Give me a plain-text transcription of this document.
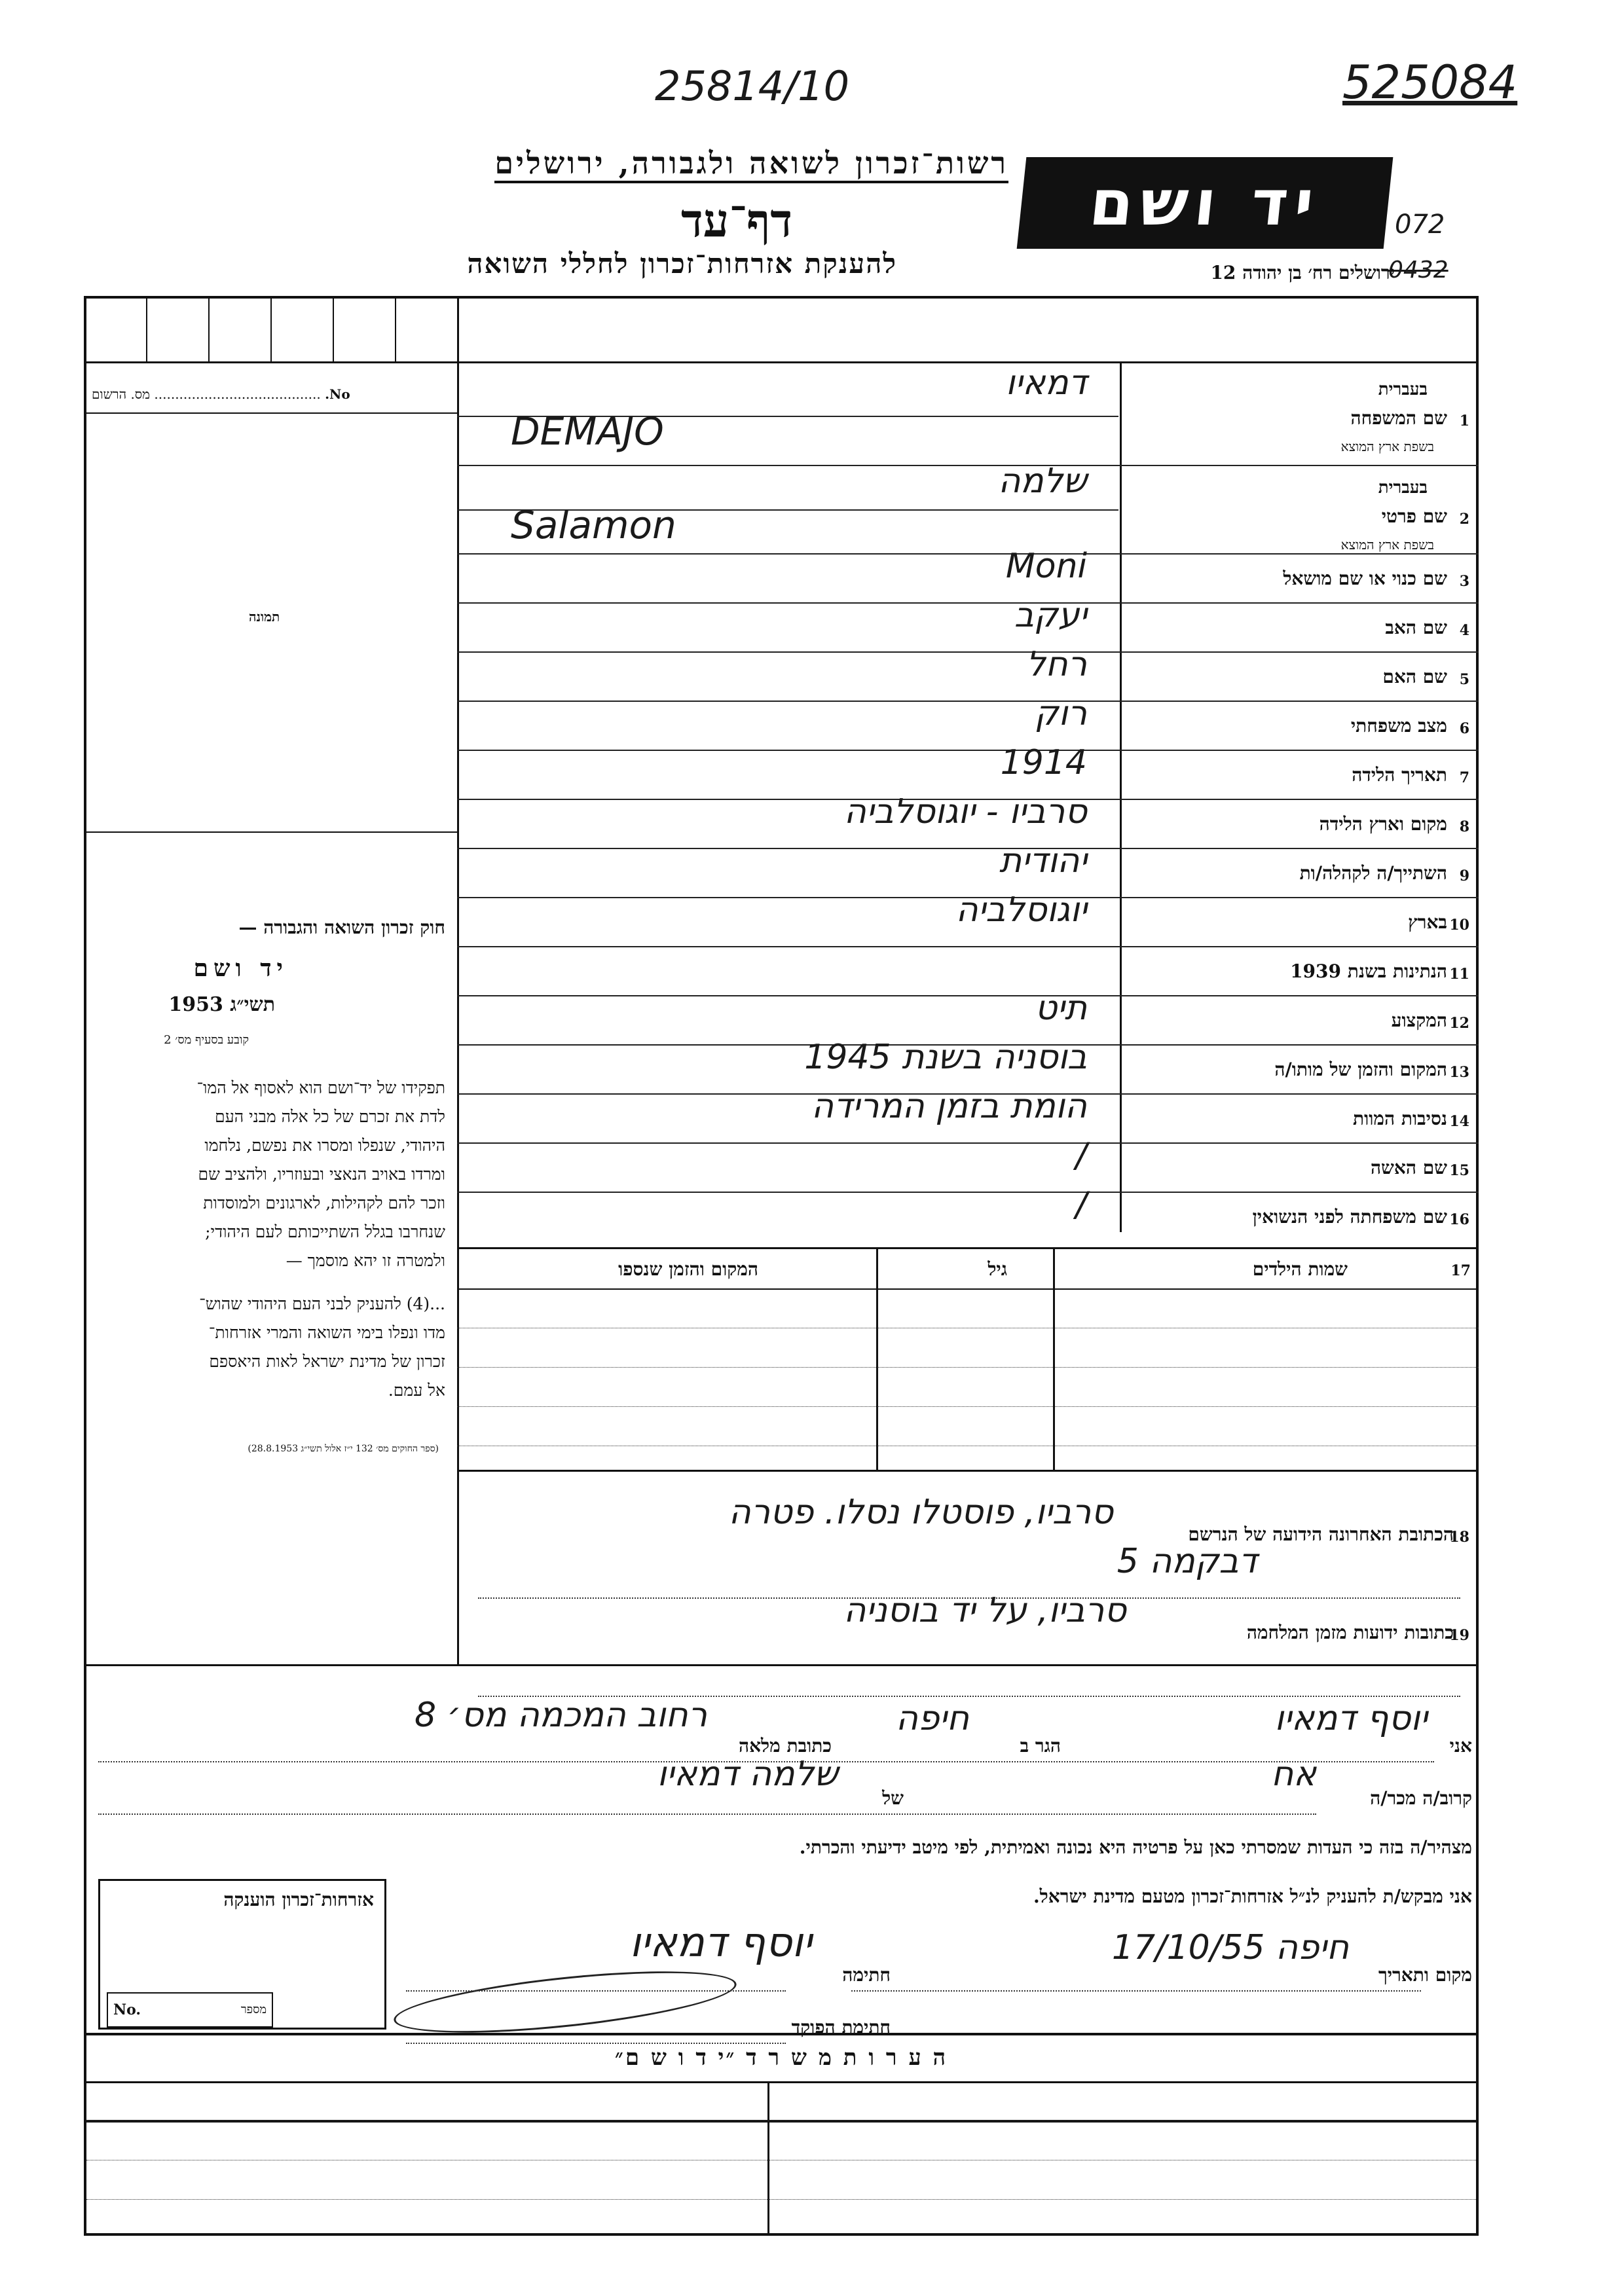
25814/10	525084
072
0432
רשות־זכרון לשואה ולגבורה, ירושלים
דף־עד
להענקת אזרחות־זכרון לחללי השואה
יד ושם
ירושלים רח׳ בן יהודה 12
No. ........................................ מס. הרשום
תמונה
חוק זכרון השואה והגבורה —
יד ושם
תשי״ג 1953
קובע בסעיף מס׳ 2
תפקידו של יד־ושם הוא לאסוף אל המו־
לדת את זכרם של כל אלה מבני העם
היהודי, שנפלו ומסרו את נפשם, נלחמו
ומרדו באויב הנאצי ובעוזריו, ולהציב שם
וזכר להם לקהילות, לארגונים ולמוסדות
שנחרבו בגלל השתייכותם לעם היהודי;
ולמטרה זו יהא מוסמך —
...(4) להעניק לבני העם היהודי שהוש־
מדו ונפלו בימי השואה והמרי אזרחות־
זכרון של מדינת ישראל לאות היאספם
אל עמם.
(ספר החוקים מס׳ 132 י״ז אלול תשי״ג 28.8.1953)
1
שם המשפחה
בעברית
בשפת ארץ המוצא
2
שם פרטי
בעברית
בשפת ארץ המוצא
3
שם כנוי או שם מושאל
4
שם האב
5
שם האם
6
מצב משפחתי
7
תאריך הלידה
8
מקום וארץ הלידה
9
השתייך/ה לקהלה/ות
10
בארץ
11
הנתינות בשנת 1939
12
המקצוע
13
המקום והזמן של מותו/ה
14
נסיבות המוות
15
שם האשה
16
שם משפחתה לפני הנשואין
דמאיו
DEMAJO
שלמה
Salamon
Moni
יעקב
רחל
רוק
1914
סרביו - יוגוסלביה
יהודית
יוגוסלביה
תיט
בוסניה בשנת 1945
הומת בזמן המרידה
/
/
17
שמות הילדים
גיל
המקום והזמן שנספו
18
הכתובת האחרונה הידועה של הנרשם
סרביו, פוסטלו נסלו. פטרה
דבקמה 5
19
כתובות ידועות מזמן המלחמה
סרביו, על יד בוסניה
אני
יוסף דמאיו
הגר ב
חיפה
כתובת מלאה
רחוב המכמה מס׳ 8
קרוב/ה מכר/ה
אח
של
שלמה דמאיו
מצהיר/ה בזה כי העדות שמסרתי כאן על פרטיה היא נכונה ואמיתית, לפי מיטב ידיעתי והכרתי.
אני מבקש/ת להעניק לנ״ל אזרחות־זכרון מטעם מדינת ישראל.
מקום ותאריך
חיפה 17/10/55
חתימה
יוסף דמאיו
חתימת הפוקד
אזרחות־זכרון הוענקה
No.	מספר
ה ע ר ו ת מ ש ר ד ״י ד ו ש ם״
